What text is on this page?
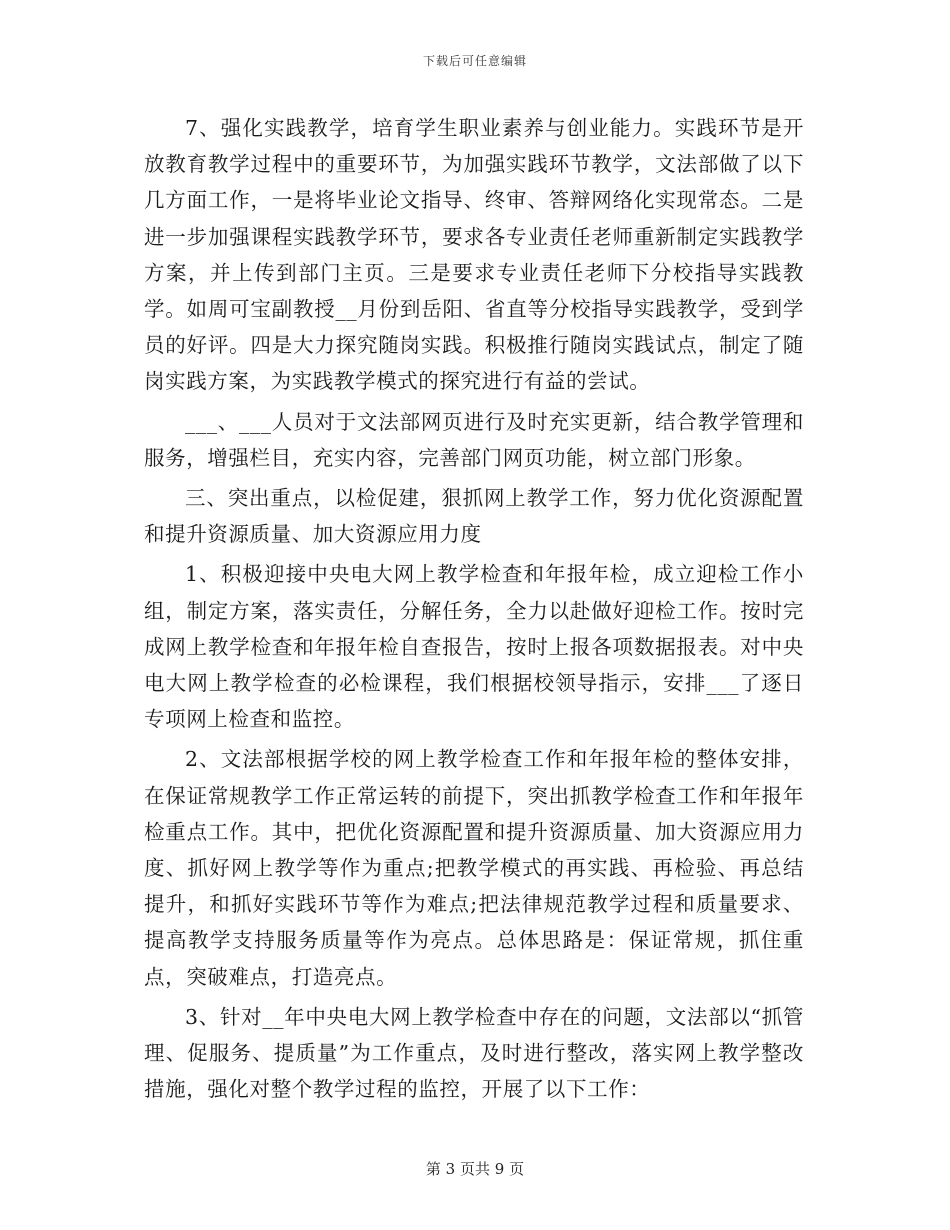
下载后可任意编辑

7、强化实践教学，培育学生职业素养与创业能力。实践环节是开放教育教学过程中的重要环节，为加强实践环节教学，文法部做了以下几方面工作，一是将毕业论文指导、终审、答辩网络化实现常态。二是进一步加强课程实践教学环节，要求各专业责任老师重新制定实践教学方案，并上传到部门主页。三是要求专业责任老师下分校指导实践教学。如周可宝副教授__月份到岳阳、省直等分校指导实践教学，受到学员的好评。四是大力探究随岗实践。积极推行随岗实践试点，制定了随岗实践方案，为实践教学模式的探究进行有益的尝试。

___、___人员对于文法部网页进行及时充实更新，结合教学管理和服务，增强栏目，充实内容，完善部门网页功能，树立部门形象。

三、突出重点，以检促建，狠抓网上教学工作，努力优化资源配置和提升资源质量、加大资源应用力度

1、积极迎接中央电大网上教学检查和年报年检，成立迎检工作小组，制定方案，落实责任，分解任务，全力以赴做好迎检工作。按时完成网上教学检查和年报年检自查报告，按时上报各项数据报表。对中央电大网上教学检查的必检课程，我们根据校领导指示，安排___了逐日专项网上检查和监控。

2、文法部根据学校的网上教学检查工作和年报年检的整体安排，在保证常规教学工作正常运转的前提下，突出抓教学检查工作和年报年检重点工作。其中，把优化资源配置和提升资源质量、加大资源应用力度、抓好网上教学等作为重点;把教学模式的再实践、再检验、再总结提升，和抓好实践环节等作为难点;把法律规范教学过程和质量要求、提高教学支持服务质量等作为亮点。总体思路是：保证常规，抓住重点，突破难点，打造亮点。

3、针对__年中央电大网上教学检查中存在的问题，文法部以“抓管理、促服务、提质量”为工作重点，及时进行整改，落实网上教学整改措施，强化对整个教学过程的监控，开展了以下工作：

第 3 页共 9 页
